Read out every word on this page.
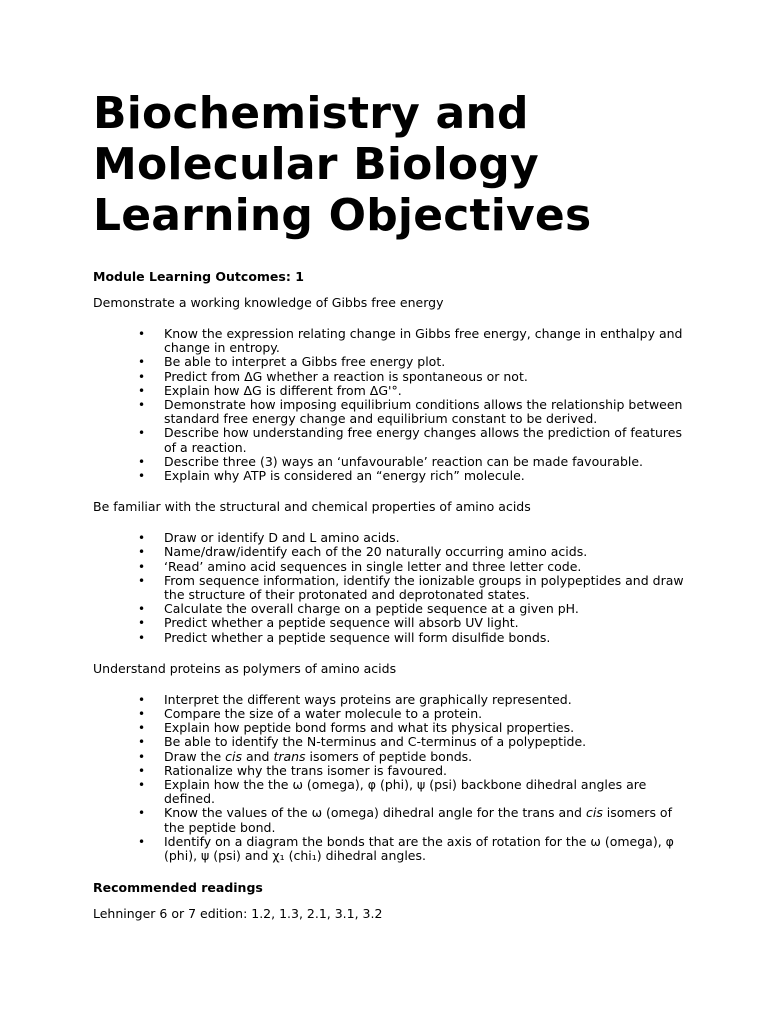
Biochemistry and
Molecular Biology
Learning Objectives
Module Learning Outcomes: 1
Demonstrate a working knowledge of Gibbs free energy
• Know the expression relating change in Gibbs free energy, change in enthalpy and change in entropy.
• Be able to interpret a Gibbs free energy plot.
• Predict from ΔG whether a reaction is spontaneous or not.
• Explain how ΔG is different from ΔG'°.
• Demonstrate how imposing equilibrium conditions allows the relationship between standard free energy change and equilibrium constant to be derived.
• Describe how understanding free energy changes allows the prediction of features of a reaction.
• Describe three (3) ways an ‘unfavourable’ reaction can be made favourable.
• Explain why ATP is considered an “energy rich” molecule.
Be familiar with the structural and chemical properties of amino acids
• Draw or identify D and L amino acids.
• Name/draw/identify each of the 20 naturally occurring amino acids.
• ‘Read’ amino acid sequences in single letter and three letter code.
• From sequence information, identify the ionizable groups in polypeptides and draw the structure of their protonated and deprotonated states.
• Calculate the overall charge on a peptide sequence at a given pH.
• Predict whether a peptide sequence will absorb UV light.
• Predict whether a peptide sequence will form disulfide bonds.
Understand proteins as polymers of amino acids
• Interpret the different ways proteins are graphically represented.
• Compare the size of a water molecule to a protein.
• Explain how peptide bond forms and what its physical properties.
• Be able to identify the N-terminus and C-terminus of a polypeptide.
• Draw the cis and trans isomers of peptide bonds.
• Rationalize why the trans isomer is favoured.
• Explain how the the ω (omega), φ (phi), ψ (psi) backbone dihedral angles are defined.
• Know the values of the ω (omega) dihedral angle for the trans and cis isomers of the peptide bond.
• Identify on a diagram the bonds that are the axis of rotation for the ω (omega), φ (phi), ψ (psi) and χ₁ (chi₁) dihedral angles.
Recommended readings
Lehninger 6 or 7 edition: 1.2, 1.3, 2.1, 3.1, 3.2
